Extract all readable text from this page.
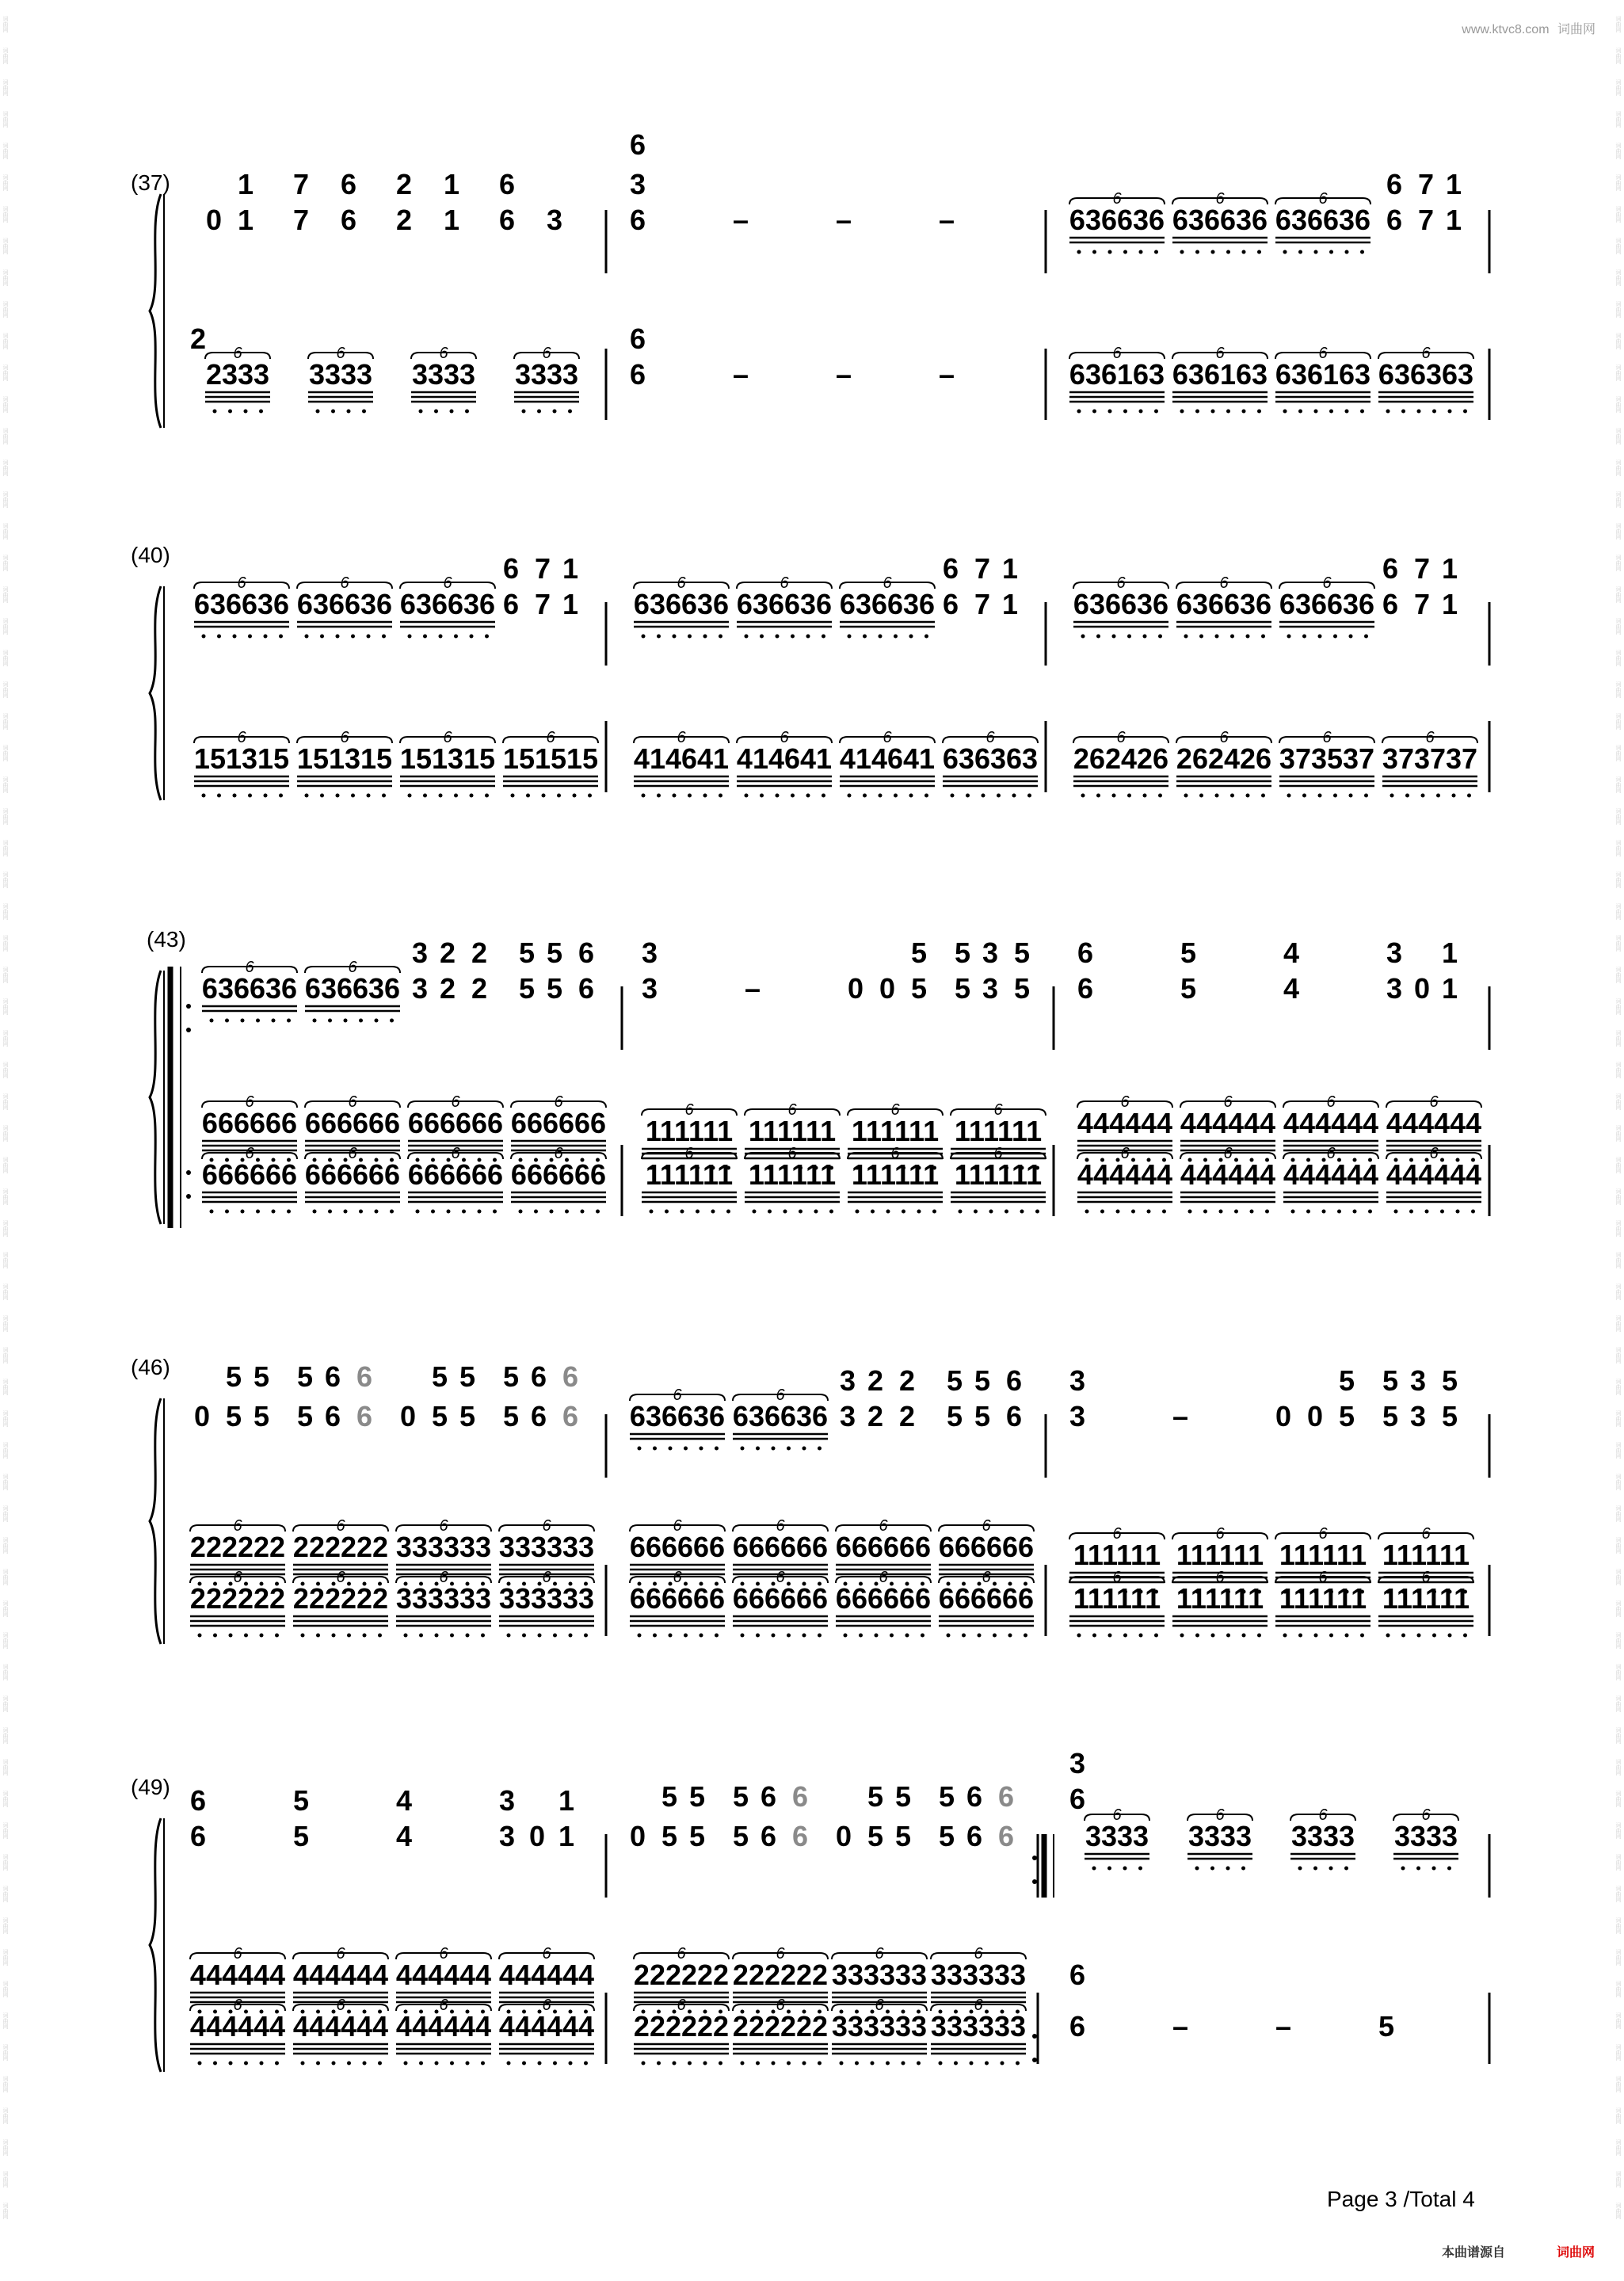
词曲网
词曲网
词曲网
词曲网
词曲网
词曲网
词曲网
词曲网
词曲网
词曲网
词曲网
词曲网
词曲网
词曲网
词曲网
词曲网
词曲网
词曲网
词曲网
词曲网
词曲网
词曲网
词曲网
词曲网
词曲网
词曲网
词曲网
词曲网
词曲网
词曲网
词曲网
词曲网
词曲网
词曲网
词曲网
词曲网
词曲网
词曲网
词曲网
词曲网
词曲网
词曲网
词曲网
词曲网
词曲网
词曲网
词曲网
词曲网
词曲网
词曲网
词曲网
词曲网
词曲网
词曲网
词曲网
词曲网
词曲网
词曲网
词曲网
词曲网
词曲网
词曲网
词曲网
词曲网
词曲网
词曲网
词曲网
词曲网
词曲网
词曲网
词曲网
词曲网
词曲网
词曲网
词曲网
词曲网
词曲网
词曲网
词曲网
词曲网
词曲网
词曲网
词曲网
词曲网
词曲网
词曲网
词曲网
词曲网
词曲网
词曲网
词曲网
词曲网
词曲网
词曲网
词曲网
词曲网
词曲网
词曲网
词曲网
词曲网
词曲网
词曲网
词曲网
词曲网
词曲网
词曲网
词曲网
词曲网
词曲网
词曲网
词曲网
词曲网
词曲网
词曲网
词曲网
词曲网
词曲网
词曲网
词曲网
词曲网
词曲网
词曲网
词曲网
词曲网
词曲网
词曲网
词曲网
词曲网
词曲网
词曲网
词曲网
词曲网
词曲网
词曲网
词曲网
词曲网
词曲网
词曲网
词曲网
词曲网
www.ktvc8.com 词曲网
(37)
0 1 7 6 2 1 6 3
1 7 6 2 1 6
6
3
6	–	–	–	636636
6
636636
6
636636
6
6 7 1
6 7 1
2
2333
6
3333
6
3333
6
3333
6	6
6	–	–	–	636163
6
636163
6
636163
6
636363
6
(40)
636636
6
636636
6
636636
6
6 7 1
6 7 1
636636
6
636636
6
636636
6
6 7 1
6 7 1
636636
6
636636
6
636636
6
6 7 1
6 7 1
151315
6
151315
6
151315
6
151515
6
414641
6
414641
6
414641
6
636363
6
262426
6
262426
6
373537
6
373737
6
(43)
636636
6
636636
6 3 2 2 5 5 6
3 2 2 5 5 6
3
3	–	0 0 5
5 5 3 5
5 3 5
6
6
5
5
4
4
3 1
3 0 1
666666
6
666666
6
666666
6
666666
6
666666
6
666666
6
666666
6
666666
6
111111
6
111111
6
111111
6
111111
6
111111
6
111111
6
111111
6
111111
6
444444
6
444444
6
444444
6
444444
6
444444
6
444444
6
444444
6
444444
6
(46)
0 5 5
5 5
5 6 6
5 6 6
0 5 5
5 5
5 6 6
5 6 6
636636
6
636636
6 3 2 2 5 5 6
3 2 2 5 5 6
3
3	–	0 0 5
5 5 3 5
5 3 5
222222
6
222222
6
333333
6
333333
6
222222
6
222222
6
333333
6
333333
6
666666
6
666666
6
666666
6
666666
6
666666
6
666666
6
666666
6
666666
6
111111
6
111111
6
111111
6
111111
6
111111
6
111111
6
111111
6
111111
6
(49) 6	5	4	3 1
6	5	4	3 0 1 0 5 5
5 5
5 6 6
5 6 6
0 5 5
5 5
5 6 6
5 6 6
3
6
3333
6
3333
6
3333
6
3333
6
444444
6
444444
6
444444
6
444444
6
444444
6
444444
6
444444
6
444444
6
222222
6
222222
6
333333
6
333333
6
222222
6
222222
6
333333
6
333333
6
6
6	–	–	5
Page 3 /Total 4
本曲谱源自	词曲网
